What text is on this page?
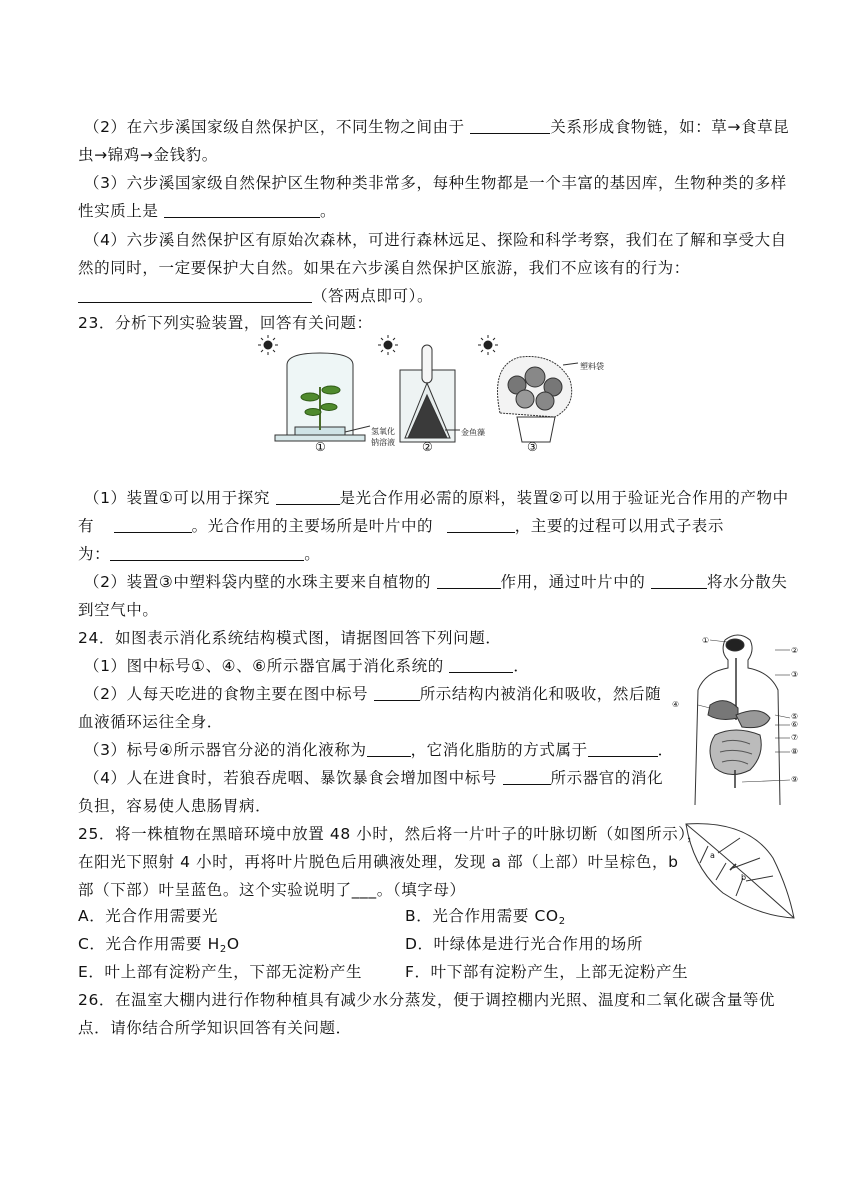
（2）在六步溪国家级自然保护区，不同生物之间由于	关系形成食物链，如：草→食草昆
虫→锦鸡→金钱豹。
（3）六步溪国家级自然保护区生物种类非常多，每种生物都是一个丰富的基因库，生物种类的多样
性实质上是	。
（4）六步溪自然保护区有原始次森林，可进行森林远足、探险和科学考察，我们在了解和享受大自
然的同时，一定要保护大自然。如果在六步溪自然保护区旅游，我们不应该有的行为：
（答两点即可）。
23．分析下列实验装置，回答有关问题：
氢氧化
钠溶液
金鱼藻
塑料袋
①	②	③
（1）装置①可以用于探究	是光合作用必需的原料，装置②可以用于验证光合作用的产物中
有	。光合作用的主要场所是叶片中的	，主要的过程可以用式子表示
为：	。
（2）装置③中塑料袋内壁的水珠主要来自植物的	作用，通过叶片中的	将水分散失
到空气中。
24．如图表示消化系统结构模式图，请据图回答下列问题．
（1）图中标号①、④、⑥所示器官属于消化系统的	．
（2）人每天吃进的食物主要在图中标号	所示结构内被消化和吸收，然后随
血液循环运往全身．
（3）标号④所示器官分泌的消化液称为	，它消化脂肪的方式属于	．
（4）人在进食时，若狼吞虎咽、暴饮暴食会增加图中标号	所示器官的消化
负担，容易使人患肠胃病．
①
②
③
④
⑤
⑥
⑦
⑧
⑨
25．将一株植物在黑暗环境中放置 48 小时，然后将一片叶子的叶脉切断（如图所示），
在阳光下照射 4 小时，再将叶片脱色后用碘液处理，发现 a 部（上部）叶呈棕色，b
部（下部）叶呈蓝色。这个实验说明了___。（填字母）
a
b
A．光合作用需要光	B．光合作用需要 $CO_2$
C．光合作用需要 $H_2O$	D．叶绿体是进行光合作用的场所
E．叶上部有淀粉产生，下部无淀粉产生	F．叶下部有淀粉产生，上部无淀粉产生
26．在温室大棚内进行作物种植具有减少水分蒸发，便于调控棚内光照、温度和二氧化碳含量等优
点．请你结合所学知识回答有关问题．
